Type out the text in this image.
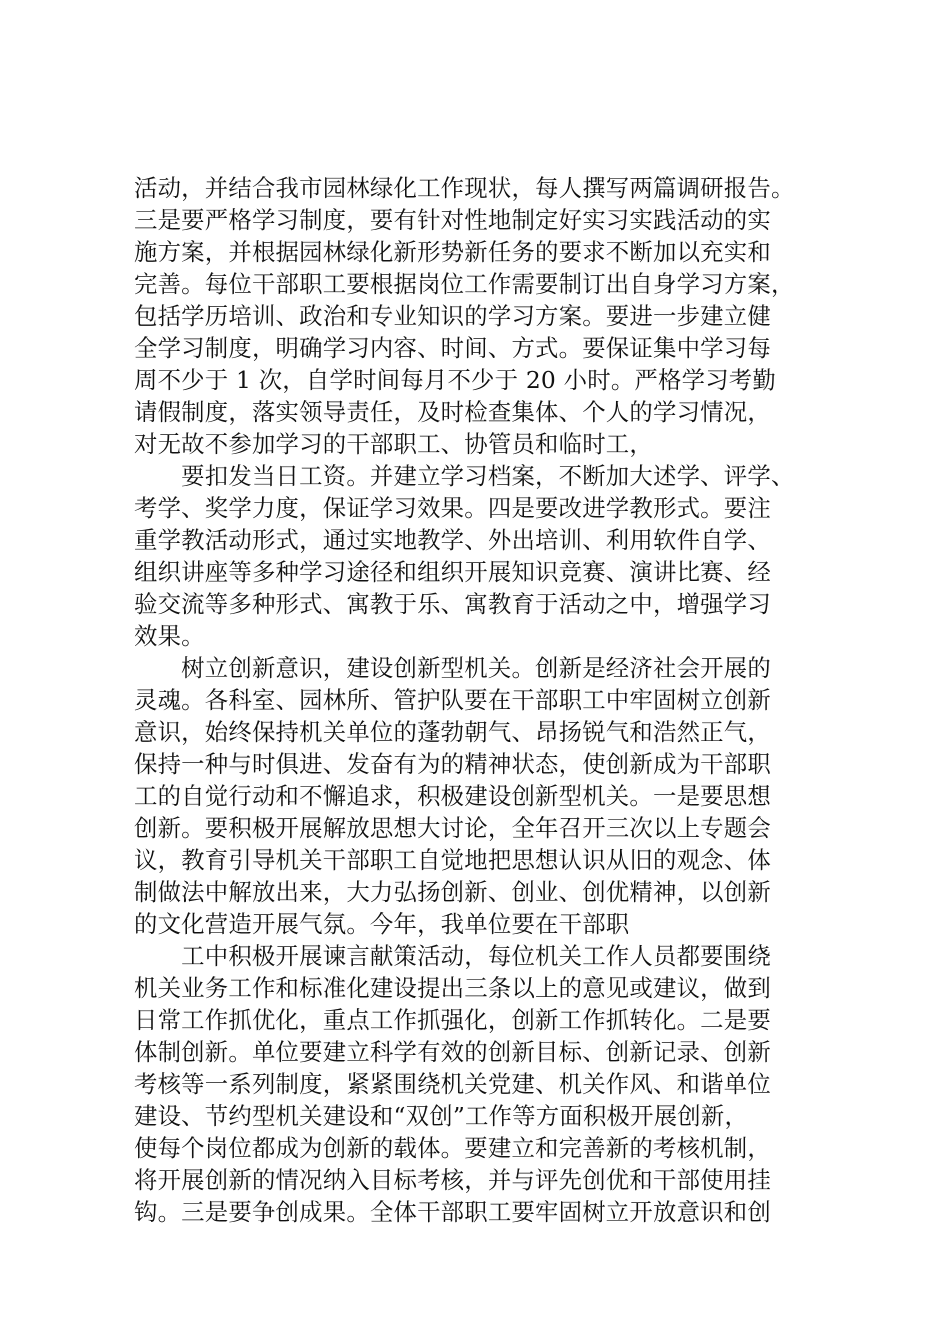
活动，并结合我市园林绿化工作现状，每人撰写两篇调研报告。
三是要严格学习制度，要有针对性地制定好实习实践活动的实
施方案，并根据园林绿化新形势新任务的要求不断加以充实和
完善。每位干部职工要根据岗位工作需要制订出自身学习方案，
包括学历培训、政治和专业知识的学习方案。要进一步建立健
全学习制度，明确学习内容、时间、方式。要保证集中学习每
周不少于 1 次，自学时间每月不少于 20 小时。严格学习考勤
请假制度，落实领导责任，及时检查集体、个人的学习情况，
对无故不参加学习的干部职工、协管员和临时工，
　　要扣发当日工资。并建立学习档案，不断加大述学、评学、
考学、奖学力度，保证学习效果。四是要改进学教形式。要注
重学教活动形式，通过实地教学、外出培训、利用软件自学、
组织讲座等多种学习途径和组织开展知识竞赛、演讲比赛、经
验交流等多种形式、寓教于乐、寓教育于活动之中，增强学习
效果。
　　树立创新意识，建设创新型机关。创新是经济社会开展的
灵魂。各科室、园林所、管护队要在干部职工中牢固树立创新
意识，始终保持机关单位的蓬勃朝气、昂扬锐气和浩然正气，
保持一种与时俱进、发奋有为的精神状态，使创新成为干部职
工的自觉行动和不懈追求，积极建设创新型机关。一是要思想
创新。要积极开展解放思想大讨论，全年召开三次以上专题会
议，教育引导机关干部职工自觉地把思想认识从旧的观念、体
制做法中解放出来，大力弘扬创新、创业、创优精神，以创新
的文化营造开展气氛。今年，我单位要在干部职
　　工中积极开展谏言献策活动，每位机关工作人员都要围绕
机关业务工作和标准化建设提出三条以上的意见或建议，做到
日常工作抓优化，重点工作抓强化，创新工作抓转化。二是要
体制创新。单位要建立科学有效的创新目标、创新记录、创新
考核等一系列制度，紧紧围绕机关党建、机关作风、和谐单位
建设、节约型机关建设和“双创”工作等方面积极开展创新，
使每个岗位都成为创新的载体。要建立和完善新的考核机制，
将开展创新的情况纳入目标考核，并与评先创优和干部使用挂
钩。三是要争创成果。全体干部职工要牢固树立开放意识和创
